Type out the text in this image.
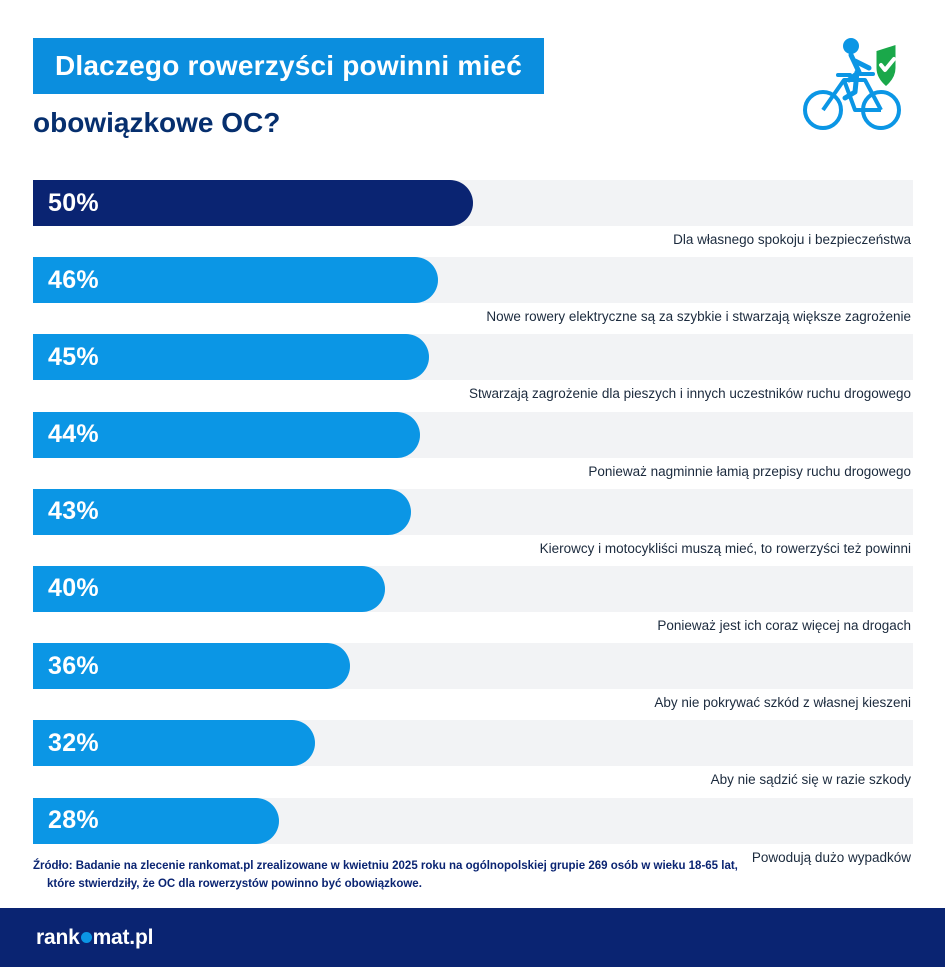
Dlaczego rowerzyści powinni mieć
obowiązkowe OC?
50%
Dla własnego spokoju i bezpieczeństwa
46%
Nowe rowery elektryczne są za szybkie i stwarzają większe zagrożenie
45%
Stwarzają zagrożenie dla pieszych i innych uczestników ruchu drogowego
44%
Ponieważ nagminnie łamią przepisy ruchu drogowego
43%
Kierowcy i motocykliści muszą mieć, to rowerzyści też powinni
40%
Ponieważ jest ich coraz więcej na drogach
36%
Aby nie pokrywać szkód z własnej kieszeni
32%
Aby nie sądzić się w razie szkody
28%
Powodują dużo wypadków
Źródło: Badanie na zlecenie rankomat.pl zrealizowane w kwietniu 2025 roku na ogólnopolskiej grupie 269 osób w wieku 18-65 lat,
które stwierdziły, że OC dla rowerzystów powinno być obowiązkowe.
rank mat.pl
